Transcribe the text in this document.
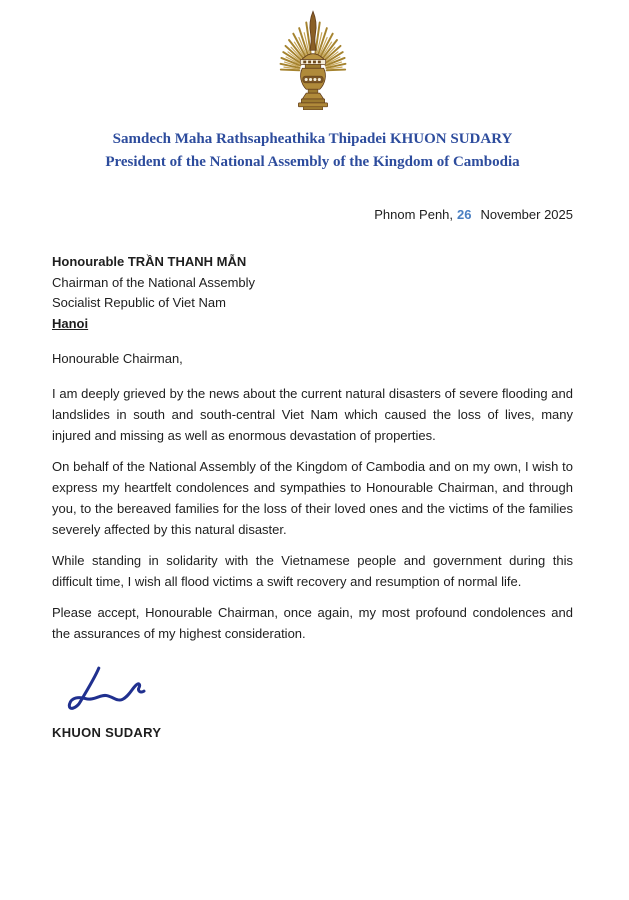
Samdech Maha Rathsapheathika Thipadei KHUON SUDARY
President of the National Assembly of the Kingdom of Cambodia
Phnom Penh, 26 November 2025
Honourable TRẦN THANH MẪN
Chairman of the National Assembly
Socialist Republic of Viet Nam
Hanoi
Honourable Chairman,

I am deeply grieved by the news about the current natural disasters of severe flooding and landslides in south and south-central Viet Nam which caused the loss of lives, many injured and missing as well as enormous devastation of properties.

On behalf of the National Assembly of the Kingdom of Cambodia and on my own, I wish to express my heartfelt condolences and sympathies to Honourable Chairman, and through you, to the bereaved families for the loss of their loved ones and the victims of the families severely affected by this natural disaster.

While standing in solidarity with the Vietnamese people and government during this difficult time, I wish all flood victims a swift recovery and resumption of normal life.

Please accept, Honourable Chairman, once again, my most profound condolences and the assurances of my highest consideration.

KHUON SUDARY
